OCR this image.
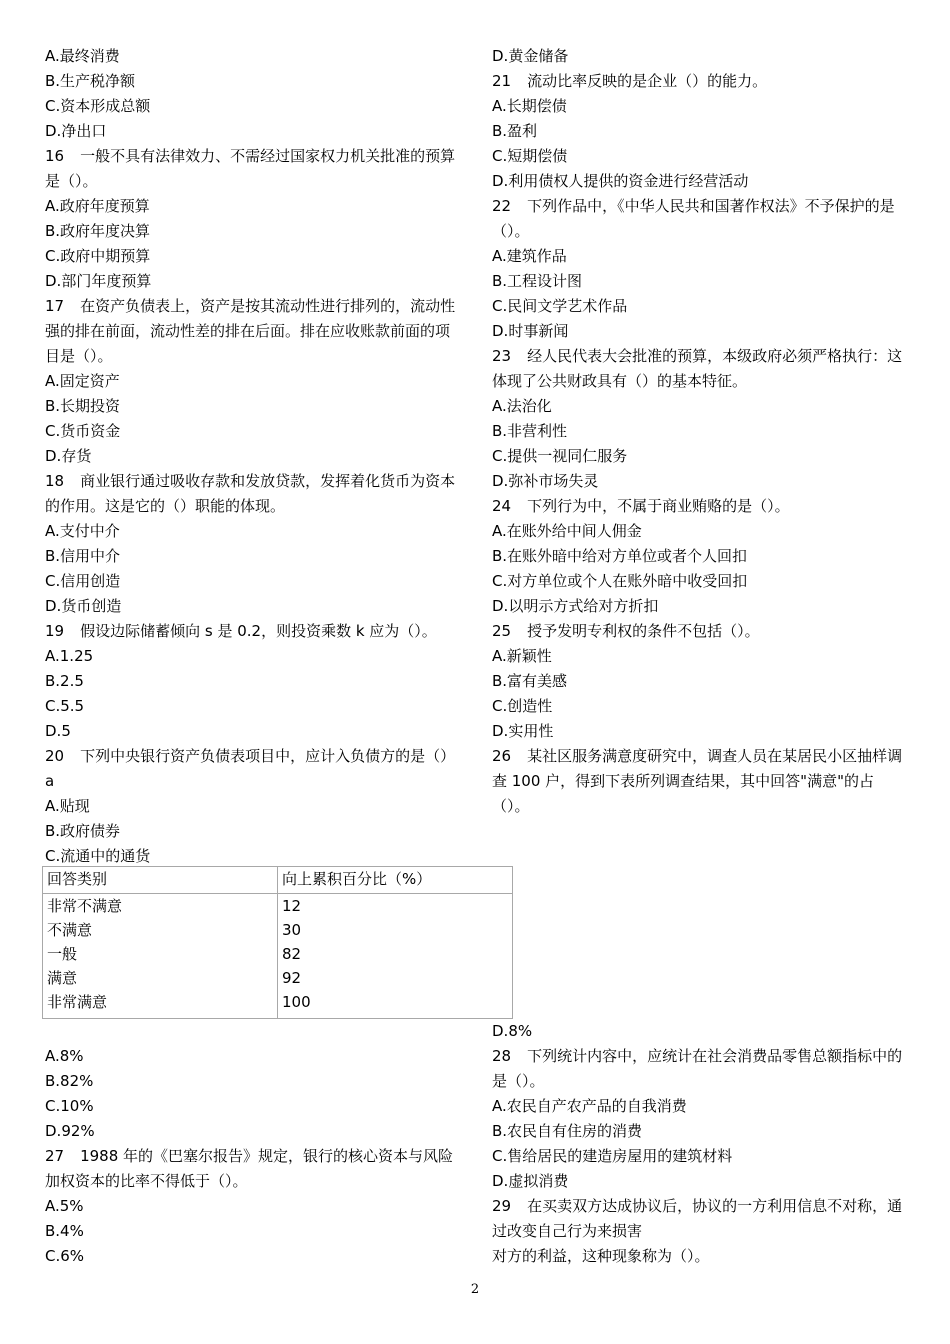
A.最终消费
B.生产税净额
C.资本形成总额
D.净出口
16 一般不具有法律效力、不需经过国家权力机关批准的预算是（）。
A.政府年度预算
B.政府年度决算
C.政府中期预算
D.部门年度预算
17 在资产负债表上，资产是按其流动性进行排列的，流动性强的排在前面，流动性差的排在后面。排在应收账款前面的项目是（）。
A.固定资产
B.长期投资
C.货币资金
D.存货
18 商业银行通过吸收存款和发放贷款，发挥着化货币为资本的作用。这是它的（）职能的体现。
A.支付中介
B.信用中介
C.信用创造
D.货币创造
19 假设边际储蓄倾向 s 是 0.2，则投资乘数 k 应为（）。
A.1.25
B.2.5
C.5.5
D.5
20 下列中央银行资产负债表项目中，应计入负债方的是（）a
A.贴现
B.政府债券
C.流通中的通货
D.黄金储备
21 流动比率反映的是企业（）的能力。
A.长期偿债
B.盈利
C.短期偿债
D.利用债权人提供的资金进行经营活动
22 下列作品中，《中华人民共和国著作权法》不予保护的是（）。
A.建筑作品
B.工程设计图
C.民间文学艺术作品
D.时事新闻
23 经人民代表大会批准的预算，本级政府必须严格执行：这体现了公共财政具有（）的基本特征。
A.法治化
B.非营利性
C.提供一视同仁服务
D.弥补市场失灵
24 下列行为中，不属于商业贿赂的是（）。
A.在账外给中间人佣金
B.在账外暗中给对方单位或者个人回扣
C.对方单位或个人在账外暗中收受回扣
D.以明示方式给对方折扣
25 授予发明专利权的条件不包括（）。
A.新颖性
B.富有美感
C.创造性
D.实用性
26 某社区服务满意度研究中，调查人员在某居民小区抽样调查 100 户，得到下表所列调查结果，其中回答"满意"的占（）。
回答类别	向上累积百分比（%）
非常不满意	12
不满意	30
一般	82
满意	92
非常满意	100
A.8%
B.82%
C.10%
D.92%
27 1988 年的《巴塞尔报告》规定，银行的核心资本与风险加权资本的比率不得低于（）。
A.5%
B.4%
C.6%
D.8%
28 下列统计内容中，应统计在社会消费品零售总额指标中的是（）。
A.农民自产农产品的自我消费
B.农民自有住房的消费
C.售给居民的建造房屋用的建筑材料
D.虚拟消费
29 在买卖双方达成协议后，协议的一方利用信息不对称，通过改变自己行为来损害
对方的利益，这种现象称为（）。
2
